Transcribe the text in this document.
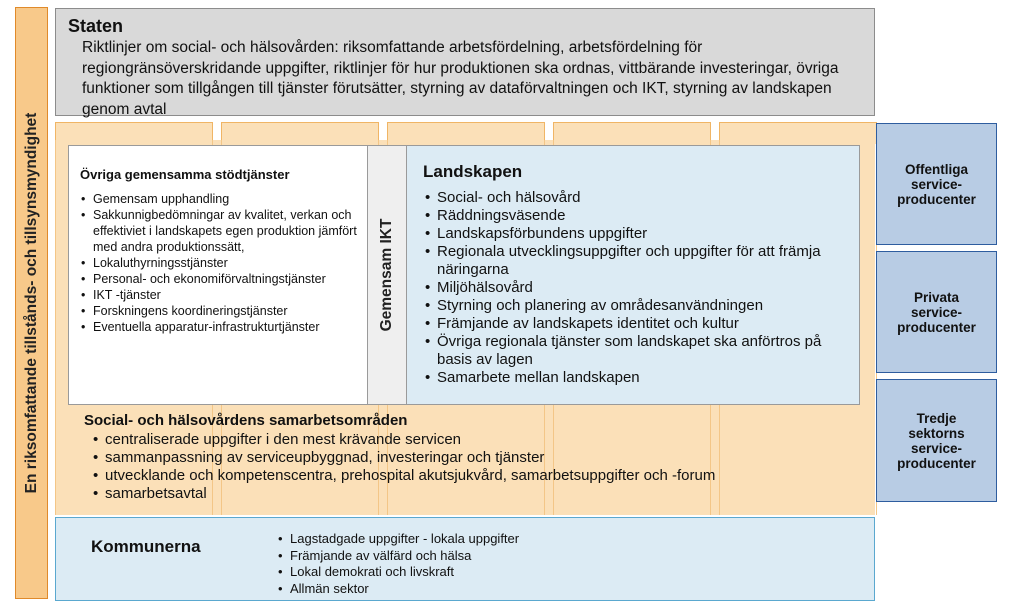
En riksomfattande tillstånds- och tillsynsmyndighet
Staten
Riktlinjer om social- och hälsovården: riksomfattande arbetsfördelning, arbetsfördelning för regiongränsöverskridande uppgifter, riktlinjer för hur produktionen ska ordnas, vittbärande investeringar, övriga funktioner som tillgången till tjänster förutsätter, styrning av dataförvaltningen och IKT, styrning av landskapen genom avtal
Övriga gemensamma stödtjänster
• Gemensam upphandling
• Sakkunnigbedömningar av kvalitet, verkan och effektiviet i landskapets egen produktion jämfört med andra produktionssätt,
• Lokaluthyrningsstjänster
• Personal- och ekonomiförvaltningstjänster
• IKT -tjänster
• Forskningens koordineringstjänster
• Eventuella apparatur-infrastrukturtjänster	Gemensam IKT
Landskapen
• Social- och hälsovård
• Räddningsväsende
• Landskapsförbundens uppgifter
• Regionala utvecklingsuppgifter och uppgifter för att främja näringarna
• Miljöhälsovård
• Styrning och planering av områdesanvändningen
• Främjande av landskapets identitet och kultur
• Övriga regionala tjänster som landskapet ska anförtros på basis av lagen
• Samarbete mellan landskapen
Social- och hälsovårdens samarbetsområden
• centraliserade uppgifter i den mest krävande servicen
• sammanpassning av serviceupbyggnad, investeringar och tjänster
• utvecklande och kompetenscentra, prehospital akutsjukvård, samarbetsuppgifter och -forum
• samarbetsavtal
Kommunerna
•	Lagstadgade uppgifter - lokala uppgifter
• Främjande av välfärd och hälsa
• Lokal demokrati och livskraft
• Allmän sektor
Offentliga
service-
producenter
Privata
service-
producenter
Tredje
sektorns
service-
producenter
